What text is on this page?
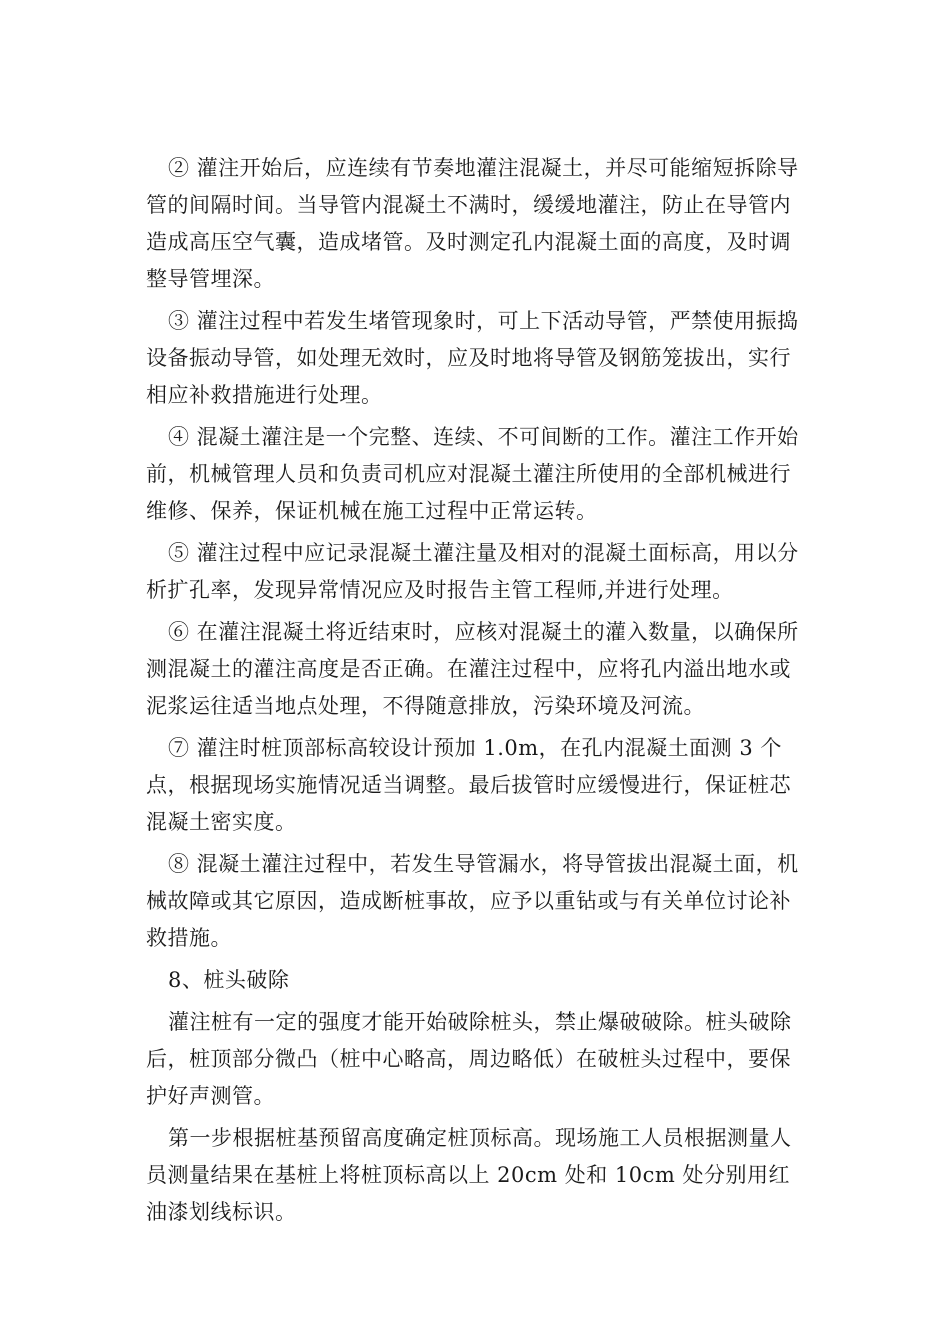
② 灌注开始后，应连续有节奏地灌注混凝土，并尽可能缩短拆除导管的间隔时间。当导管内混凝土不满时，缓缓地灌注，防止在导管内造成高压空气囊，造成堵管。及时测定孔内混凝土面的高度，及时调整导管埋深。

③ 灌注过程中若发生堵管现象时，可上下活动导管，严禁使用振捣设备振动导管，如处理无效时，应及时地将导管及钢筋笼拔出，实行相应补救措施进行处理。

④ 混凝土灌注是一个完整、连续、不可间断的工作。灌注工作开始前，机械管理人员和负责司机应对混凝土灌注所使用的全部机械进行维修、保养，保证机械在施工过程中正常运转。

⑤ 灌注过程中应记录混凝土灌注量及相对的混凝土面标高，用以分析扩孔率，发现异常情况应及时报告主管工程师,并进行处理。

⑥ 在灌注混凝土将近结束时，应核对混凝土的灌入数量，以确保所测混凝土的灌注高度是否正确。在灌注过程中，应将孔内溢出地水或泥浆运往适当地点处理，不得随意排放，污染环境及河流。

⑦ 灌注时桩顶部标高较设计预加 1.0m，在孔内混凝土面测 3 个点，根据现场实施情况适当调整。最后拔管时应缓慢进行，保证桩芯混凝土密实度。

⑧ 混凝土灌注过程中，若发生导管漏水，将导管拔出混凝土面，机械故障或其它原因，造成断桩事故，应予以重钻或与有关单位讨论补救措施。

8、桩头破除

灌注桩有一定的强度才能开始破除桩头，禁止爆破破除。桩头破除后，桩顶部分微凸（桩中心略高，周边略低）在破桩头过程中，要保护好声测管。

第一步根据桩基预留高度确定桩顶标高。现场施工人员根据测量人员测量结果在基桩上将桩顶标高以上 20cm 处和 10cm 处分别用红油漆划线标识。
